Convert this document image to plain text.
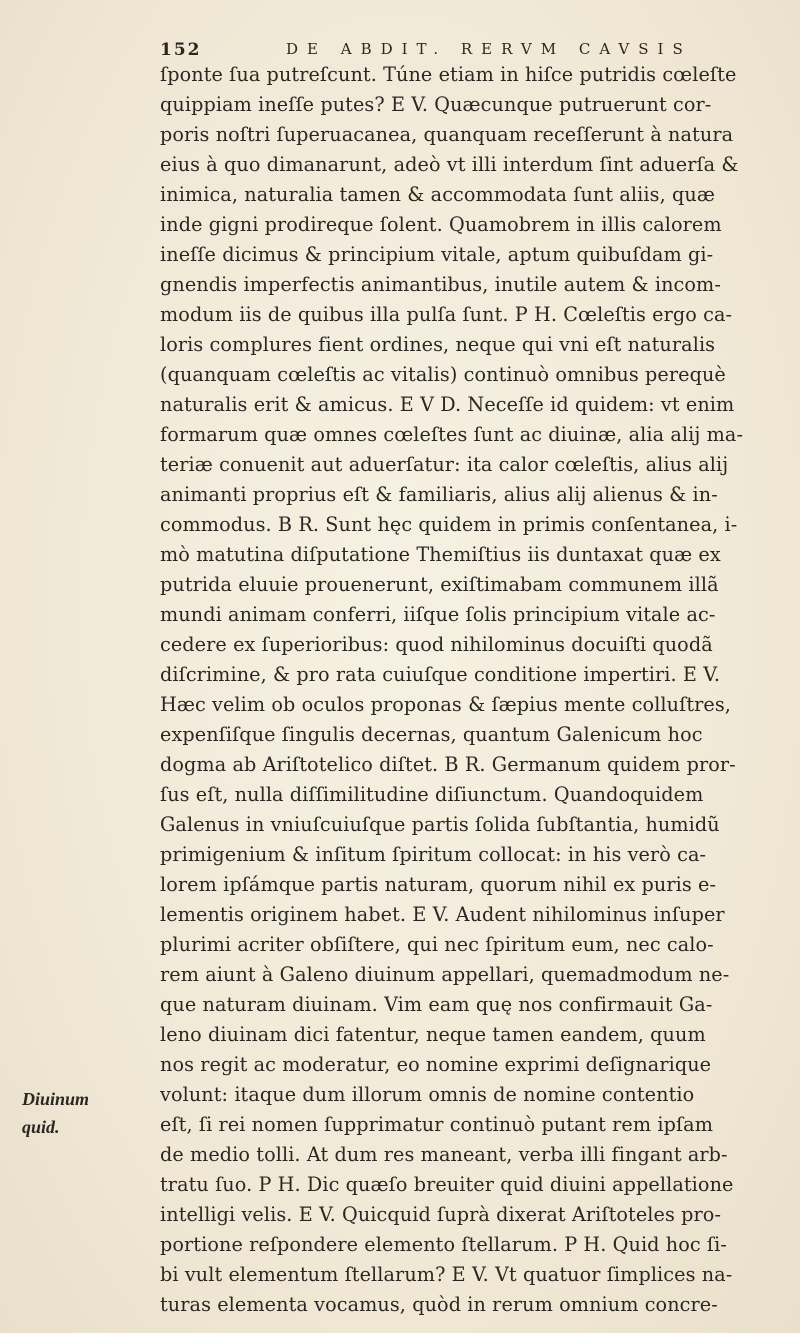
152	DE ABDIT. RERVM CAVSIS
Diuinum
quid.
ſponte ſua putreſcunt. Túne etiam in hiſce putridis cœleſte
quippiam ineſſe putes? E V. Quæcunque putruerunt cor-
poris noſtri ſuperuacanea, quanquam receſſerunt à natura
eius à quo dimanarunt, adeò vt illi interdum ſint aduerſa &
inimica, naturalia tamen & accommodata ſunt aliis, quæ
inde gigni prodireque ſolent. Quamobrem in illis calorem
ineſſe dicimus & principium vitale, aptum quibuſdam gi-
gnendis imperfectis animantibus, inutile autem & incom-
modum iis de quibus illa pulſa ſunt. P H. Cœleſtis ergo ca-
loris complures fient ordines, neque qui vni eſt naturalis
(quanquam cœleſtis ac vitalis) continuò omnibus perequè
naturalis erit & amicus. E V D. Neceſſe id quidem: vt enim
formarum quæ omnes cœleſtes ſunt ac diuinæ, alia alij ma-
teriæ conuenit aut aduerſatur: ita calor cœleſtis, alius alij
animanti proprius eſt & familiaris, alius alij alienus & in-
commodus. B R. Sunt hęc quidem in primis conſentanea, i-
mò matutina diſputatione Themiſtius iis duntaxat quæ ex
putrida eluuie prouenerunt, exiſtimabam communem illã
mundi animam conferri, iiſque ſolis principium vitale ac-
cedere ex ſuperioribus: quod nihilominus docuiſti quodã
diſcrimine, & pro rata cuiuſque conditione impertiri. E V.
Hæc velim ob oculos proponas & ſæpius mente colluſtres,
expenſiſque ſingulis decernas, quantum Galenicum hoc
dogma ab Ariſtotelico diſtet. B R. Germanum quidem pror-
ſus eſt, nulla diſſimilitudine diſiunctum. Quandoquidem
Galenus in vniuſcuiuſque partis ſolida ſubſtantia, humidũ
primigenium & inſitum ſpiritum collocat: in his verò ca-
lorem ipſámque partis naturam, quorum nihil ex puris e-
lementis originem habet. E V. Audent nihilominus inſuper
plurimi acriter obſiſtere, qui nec ſpiritum eum, nec calo-
rem aiunt à Galeno diuinum appellari, quemadmodum ne-
que naturam diuinam. Vim eam quę nos confirmauit Ga-
leno diuinam dici fatentur, neque tamen eandem, quum
nos regit ac moderatur, eo nomine exprimi deſignarique
volunt: itaque dum illorum omnis de nomine contentio
eſt, ſi rei nomen ſupprimatur continuò putant rem ipſam
de medio tolli. At dum res maneant, verba illi fingant arb-
tratu ſuo. P H. Dic quæſo breuiter quid diuini appellatione
intelligi velis. E V. Quicquid ſuprà dixerat Ariſtoteles pro-
portione reſpondere elemento ſtellarum. P H. Quid hoc ſi-
bi vult elementum ſtellarum? E V. Vt quatuor ſimplices na-
turas elementa vocamus, quòd in rerum omnium concre-
